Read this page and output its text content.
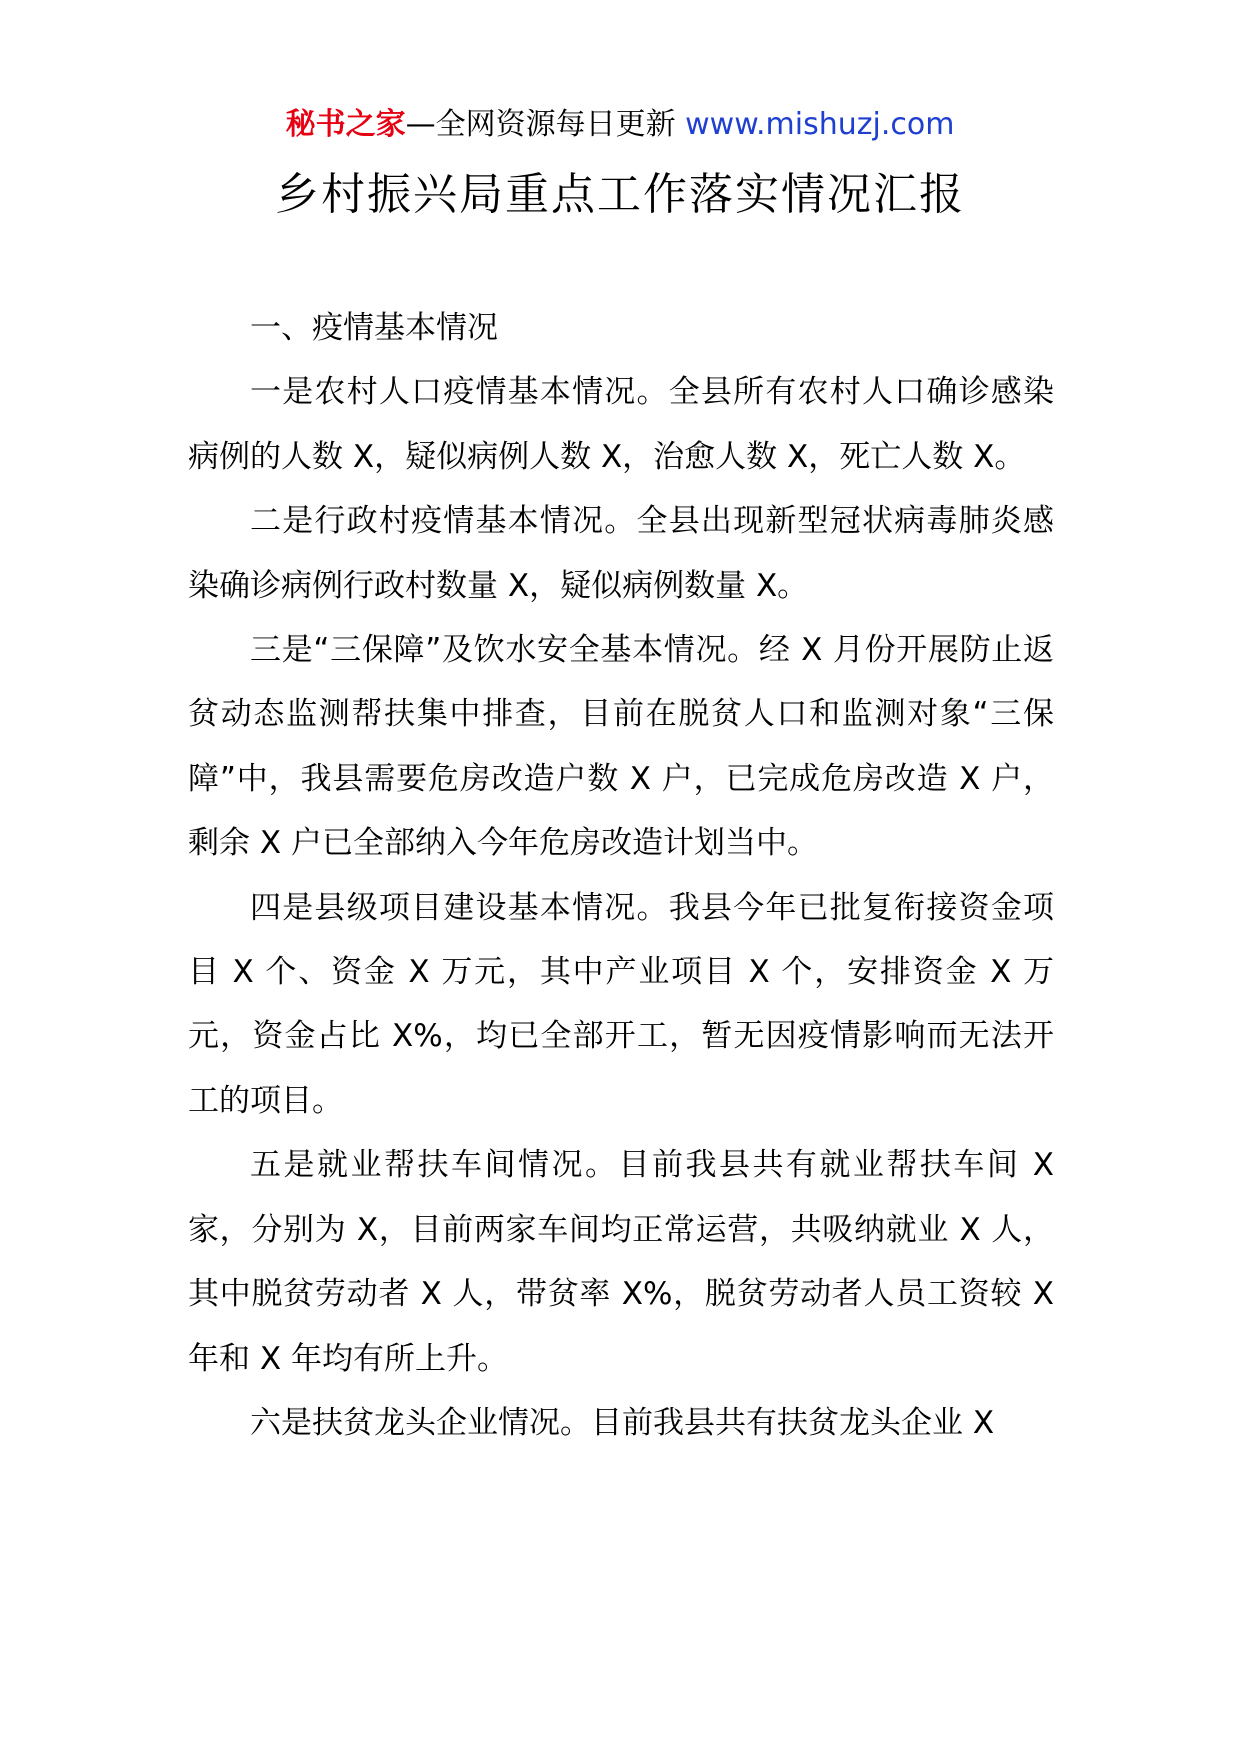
秘书之家—全网资源每日更新 www.mishuzj.com
乡村振兴局重点工作落实情况汇报
一、疫情基本情况

一是农村人口疫情基本情况。全县所有农村人口确诊感染病例的人数 X，疑似病例人数 X，治愈人数 X，死亡人数 X。

二是行政村疫情基本情况。全县出现新型冠状病毒肺炎感染确诊病例行政村数量 X，疑似病例数量 X。

三是“三保障”及饮水安全基本情况。经 X 月份开展防止返贫动态监测帮扶集中排查，目前在脱贫人口和监测对象“三保障”中，我县需要危房改造户数 X 户，已完成危房改造 X 户，剩余 X 户已全部纳入今年危房改造计划当中。

四是县级项目建设基本情况。我县今年已批复衔接资金项目 X 个、资金 X 万元，其中产业项目 X 个，安排资金 X 万元，资金占比 X%，均已全部开工，暂无因疫情影响而无法开工的项目。

五是就业帮扶车间情况。目前我县共有就业帮扶车间 X 家，分别为 X，目前两家车间均正常运营，共吸纳就业 X 人，其中脱贫劳动者 X 人，带贫率 X%，脱贫劳动者人员工资较 X 年和 X 年均有所上升。

六是扶贫龙头企业情况。目前我县共有扶贫龙头企业 X
